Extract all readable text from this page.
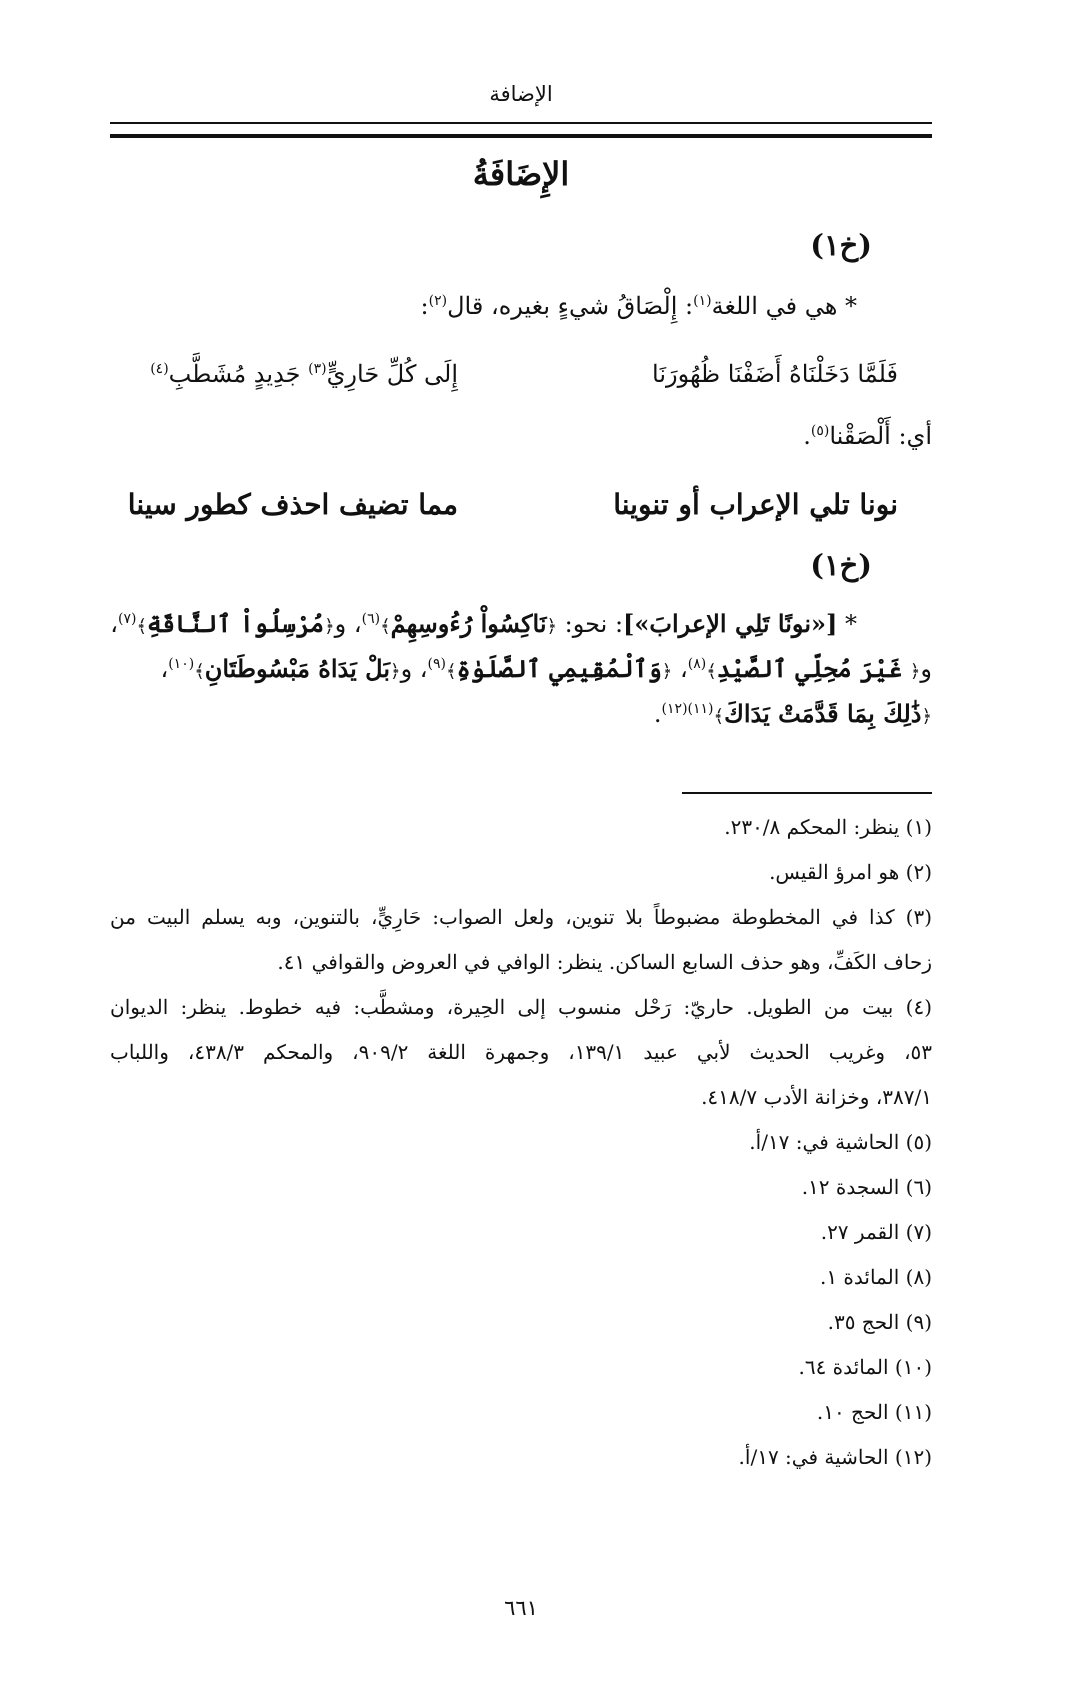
الإضافة
الإِضَافَةُ
(خ١)
* هي في اللغة$^{(١)}$: إِلْصَاقُ شيءٍ بغيره، قال$^{(٢)}$:
فَلَمَّا دَخَلْنَاهُ أَضَفْنَا ظُهُورَنَا
إِلَى كُلِّ حَارِيٍّ$^{(٣)}$ جَدِيدٍ مُشَطَّبِ$^{(٤)}$
أي: أَلْصَقْنا$^{(٥)}$.
نونا تلي الإعراب أو تنوينا
مما تضيف احذف كطور سينا
(خ١)
* [«نونًا تَلِي الإعرابَ»]: نحو: ﴿نَاكِسُواْ رُءُوسِهِمْ﴾$^{(٦)}$، و﴿مُرْسِلُواْ ٱلنَّاقَةِ﴾$^{(٧)}$،
و﴿ غَيْرَ مُحِلِّي ٱلصَّيْدِ﴾$^{(٨)}$، ﴿وَٱلْمُقِيمِي ٱلصَّلَوٰةِ﴾$^{(٩)}$، و﴿بَلْ يَدَاهُ مَبْسُوطَتَانِ﴾$^{(١٠)}$،
﴿ذَٰلِكَ بِمَا قَدَّمَتْ يَدَاكَ﴾$^{(١١)(١٢)}$.
(١) ينظر: المحكم ٢٣٠/٨.
(٢) هو امرؤ القيس.
(٣) كذا في المخطوطة مضبوطاً بلا تنوين، ولعل الصواب: حَارِيٍّ، بالتنوين، وبه يسلم البيت من
زحاف الكَفِّ، وهو حذف السابع الساكن. ينظر: الوافي في العروض والقوافي ٤١.
(٤) بيت من الطويل. حاريّ: رَحْل منسوب إلى الحِيرة، ومشطَّب: فيه خطوط. ينظر: الديوان
٥٣، وغريب الحديث لأبي عبيد ١٣٩/١، وجمهرة اللغة ٩٠٩/٢، والمحكم ٤٣٨/٣، واللباب
٣٨٧/١، وخزانة الأدب ٤١٨/٧.
(٥) الحاشية في: ١٧/أ.
(٦) السجدة ١٢.
(٧) القمر ٢٧.
(٨) المائدة ١.
(٩) الحج ٣٥.
(١٠) المائدة ٦٤.
(١١) الحج ١٠.
(١٢) الحاشية في: ١٧/أ.
٦٦١
